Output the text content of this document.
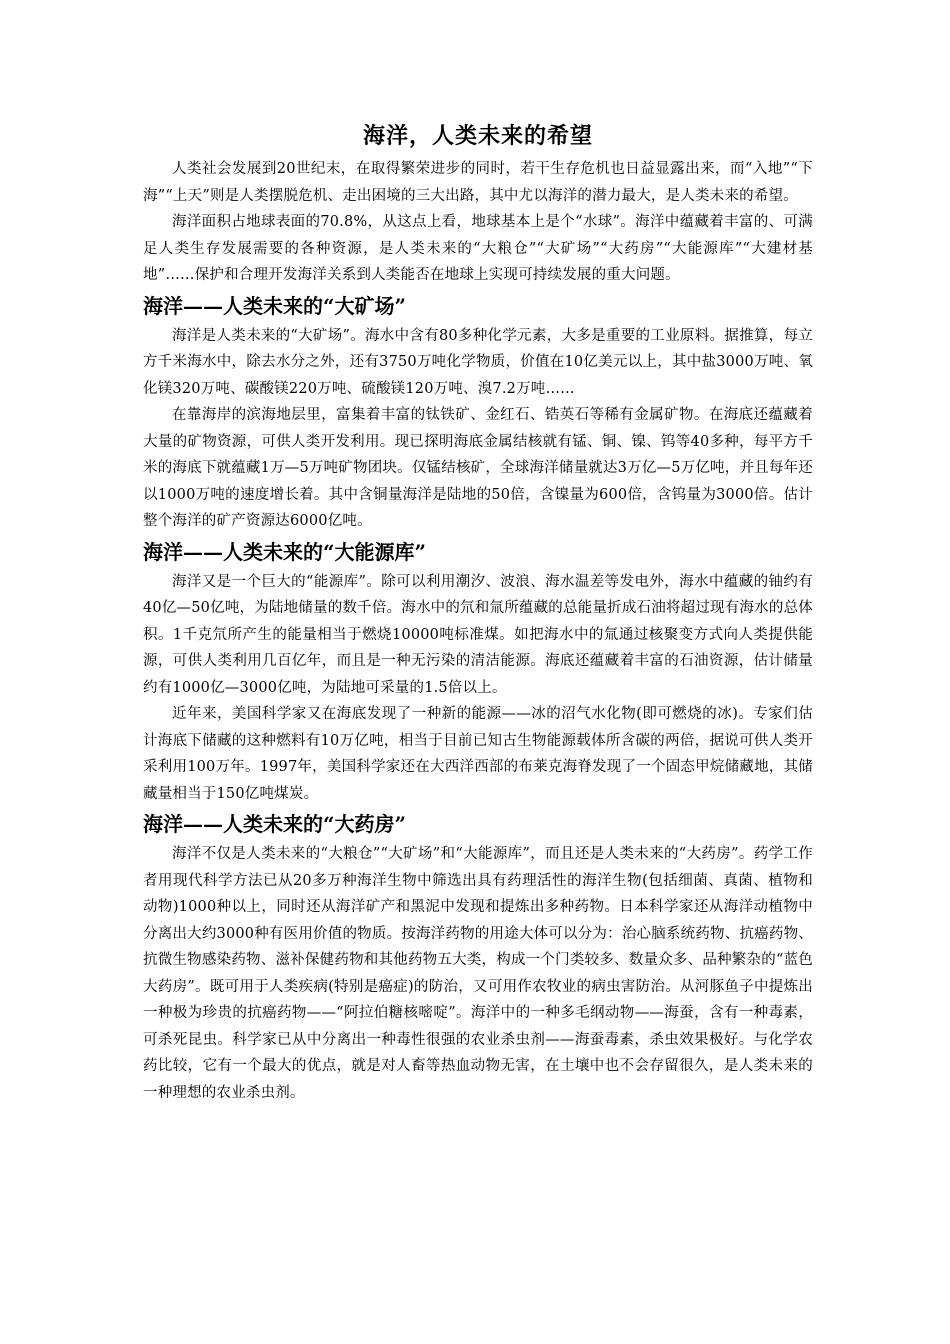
海洋，人类未来的希望

人类社会发展到20世纪末，在取得繁荣进步的同时，若干生存危机也日益显露出来，而“入地”“下海”“上天”则是人类摆脱危机、走出困境的三大出路，其中尤以海洋的潜力最大，是人类未来的希望。

海洋面积占地球表面的70.8%，从这点上看，地球基本上是个“水球”。海洋中蕴藏着丰富的、可满足人类生存发展需要的各种资源，是人类未来的“大粮仓”“大矿场”“大药房”“大能源库”“大建材基地”……保护和合理开发海洋关系到人类能否在地球上实现可持续发展的重大问题。

海洋——人类未来的“大矿场”

海洋是人类未来的“大矿场”。海水中含有80多种化学元素，大多是重要的工业原料。据推算，每立方千米海水中，除去水分之外，还有3750万吨化学物质，价值在10亿美元以上，其中盐3000万吨、氧化镁320万吨、碳酸镁220万吨、硫酸镁120万吨、溴7.2万吨……

在靠海岸的滨海地层里，富集着丰富的钛铁矿、金红石、锆英石等稀有金属矿物。在海底还蕴藏着大量的矿物资源，可供人类开发利用。现已探明海底金属结核就有锰、铜、镍、钨等40多种，每平方千米的海底下就蕴藏1万—5万吨矿物团块。仅锰结核矿，全球海洋储量就达3万亿—5万亿吨，并且每年还以1000万吨的速度增长着。其中含铜量海洋是陆地的50倍，含镍量为600倍，含钨量为3000倍。估计整个海洋的矿产资源达6000亿吨。

海洋——人类未来的“大能源库”

海洋又是一个巨大的“能源库”。除可以利用潮汐、波浪、海水温差等发电外，海水中蕴藏的铀约有40亿—50亿吨，为陆地储量的数千倍。海水中的氘和氚所蕴藏的总能量折成石油将超过现有海水的总体积。1千克氘所产生的能量相当于燃烧10000吨标准煤。如把海水中的氚通过核聚变方式向人类提供能源，可供人类利用几百亿年，而且是一种无污染的清洁能源。海底还蕴藏着丰富的石油资源，估计储量约有1000亿—3000亿吨，为陆地可采量的1.5倍以上。

近年来，美国科学家又在海底发现了一种新的能源——冰的沼气水化物(即可燃烧的冰)。专家们估计海底下储藏的这种燃料有10万亿吨，相当于目前已知古生物能源载体所含碳的两倍，据说可供人类开采利用100万年。1997年，美国科学家还在大西洋西部的布莱克海脊发现了一个固态甲烷储藏地，其储藏量相当于150亿吨煤炭。

海洋——人类未来的“大药房”

海洋不仅是人类未来的“大粮仓”“大矿场”和“大能源库”，而且还是人类未来的“大药房”。药学工作者用现代科学方法已从20多万种海洋生物中筛选出具有药理活性的海洋生物(包括细菌、真菌、植物和动物)1000种以上，同时还从海洋矿产和黑泥中发现和提炼出多种药物。日本科学家还从海洋动植物中分离出大约3000种有医用价值的物质。按海洋药物的用途大体可以分为：治心脑系统药物、抗癌药物、抗微生物感染药物、滋补保健药物和其他药物五大类，构成一个门类较多、数量众多、品种繁杂的“蓝色大药房”。既可用于人类疾病(特别是癌症)的防治，又可用作农牧业的病虫害防治。从河豚鱼子中提炼出一种极为珍贵的抗癌药物——“阿拉伯糖核嘧啶”。海洋中的一种多毛纲动物——海蚕，含有一种毒素，可杀死昆虫。科学家已从中分离出一种毒性很强的农业杀虫剂——海蚕毒素，杀虫效果极好。与化学农药比较，它有一个最大的优点，就是对人畜等热血动物无害，在土壤中也不会存留很久，是人类未来的一种理想的农业杀虫剂。
